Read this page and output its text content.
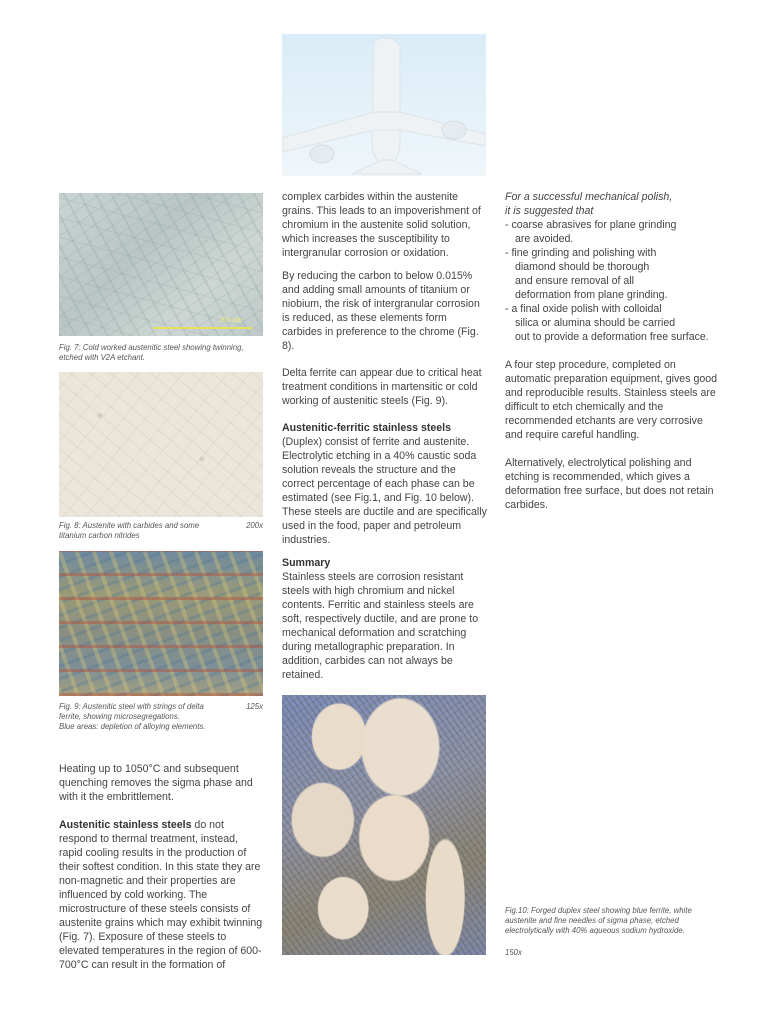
100 µm
Fig. 7: Cold worked austenitic steel showing twinning, etched with V2A etchant.
Fig. 8: Austenite with carbides and some	200x
titanium carbon nitrides
Fig. 9: Austenitic steel with strings of delta	125x
ferrite, showing microsegregations.
Blue areas: depletion of alloying elements.

Heating up to 1050°C and subsequent quenching removes the sigma phase and with it the embrittlement.

Austenitic stainless steels do not respond to thermal treatment, instead, rapid cooling results in the production of their softest condition. In this state they are non-magnetic and their properties are influenced by cold working. The microstructure of these steels consists of austenite grains which may exhibit twinning (Fig. 7). Exposure of these steels to elevated temperatures in the region of 600-700°C can result in the formation of

complex carbides within the austenite grains. This leads to an impoverishment of chromium in the austenite solid solution, which increases the susceptibility to intergranular corrosion or oxidation.

By reducing the carbon to below 0.015% and adding small amounts of titanium or niobium, the risk of intergranular corrosion is reduced, as these elements form carbides in preference to the chrome (Fig. 8).

Delta ferrite can appear due to critical heat treatment conditions in martensitic or cold working of austenitic steels (Fig. 9).

Austenitic-ferritic stainless steels (Duplex) consist of ferrite and austenite. Electrolytic etching in a 40% caustic soda solution reveals the structure and the correct percentage of each phase can be estimated (see Fig.1, and Fig. 10 below). These steels are ductile and are specifically used in the food, paper and petroleum industries.

Summary

Stainless steels are corrosion resistant steels with high chromium and nickel contents. Ferritic and stainless steels are soft, respectively ductile, and are prone to mechanical deformation and scratching during metallographic preparation. In addition, carbides can not always be retained.

For a successful mechanical polish,

it is suggested that

- coarse abrasives for plane grinding
are avoided.
- fine grinding and polishing with
diamond should be thorough
and ensure removal of all
deformation from plane grinding.
- a final oxide polish with colloidal
silica or alumina should be carried
out to provide a deformation free surface.

A four step procedure, completed on automatic preparation equipment, gives good and reproducible results. Stainless steels are difficult to etch chemically and the recommended etchants are very corrosive and require careful handling.

Alternatively, electrolytical polishing and etching is recommended, which gives a deformation free surface, but does not retain carbides.

Fig.10: Forged duplex steel showing blue ferrite, white austenite and fine needles of sigma phase, etched electrolytically with 40% aqueous sodium hydroxide.
150x
